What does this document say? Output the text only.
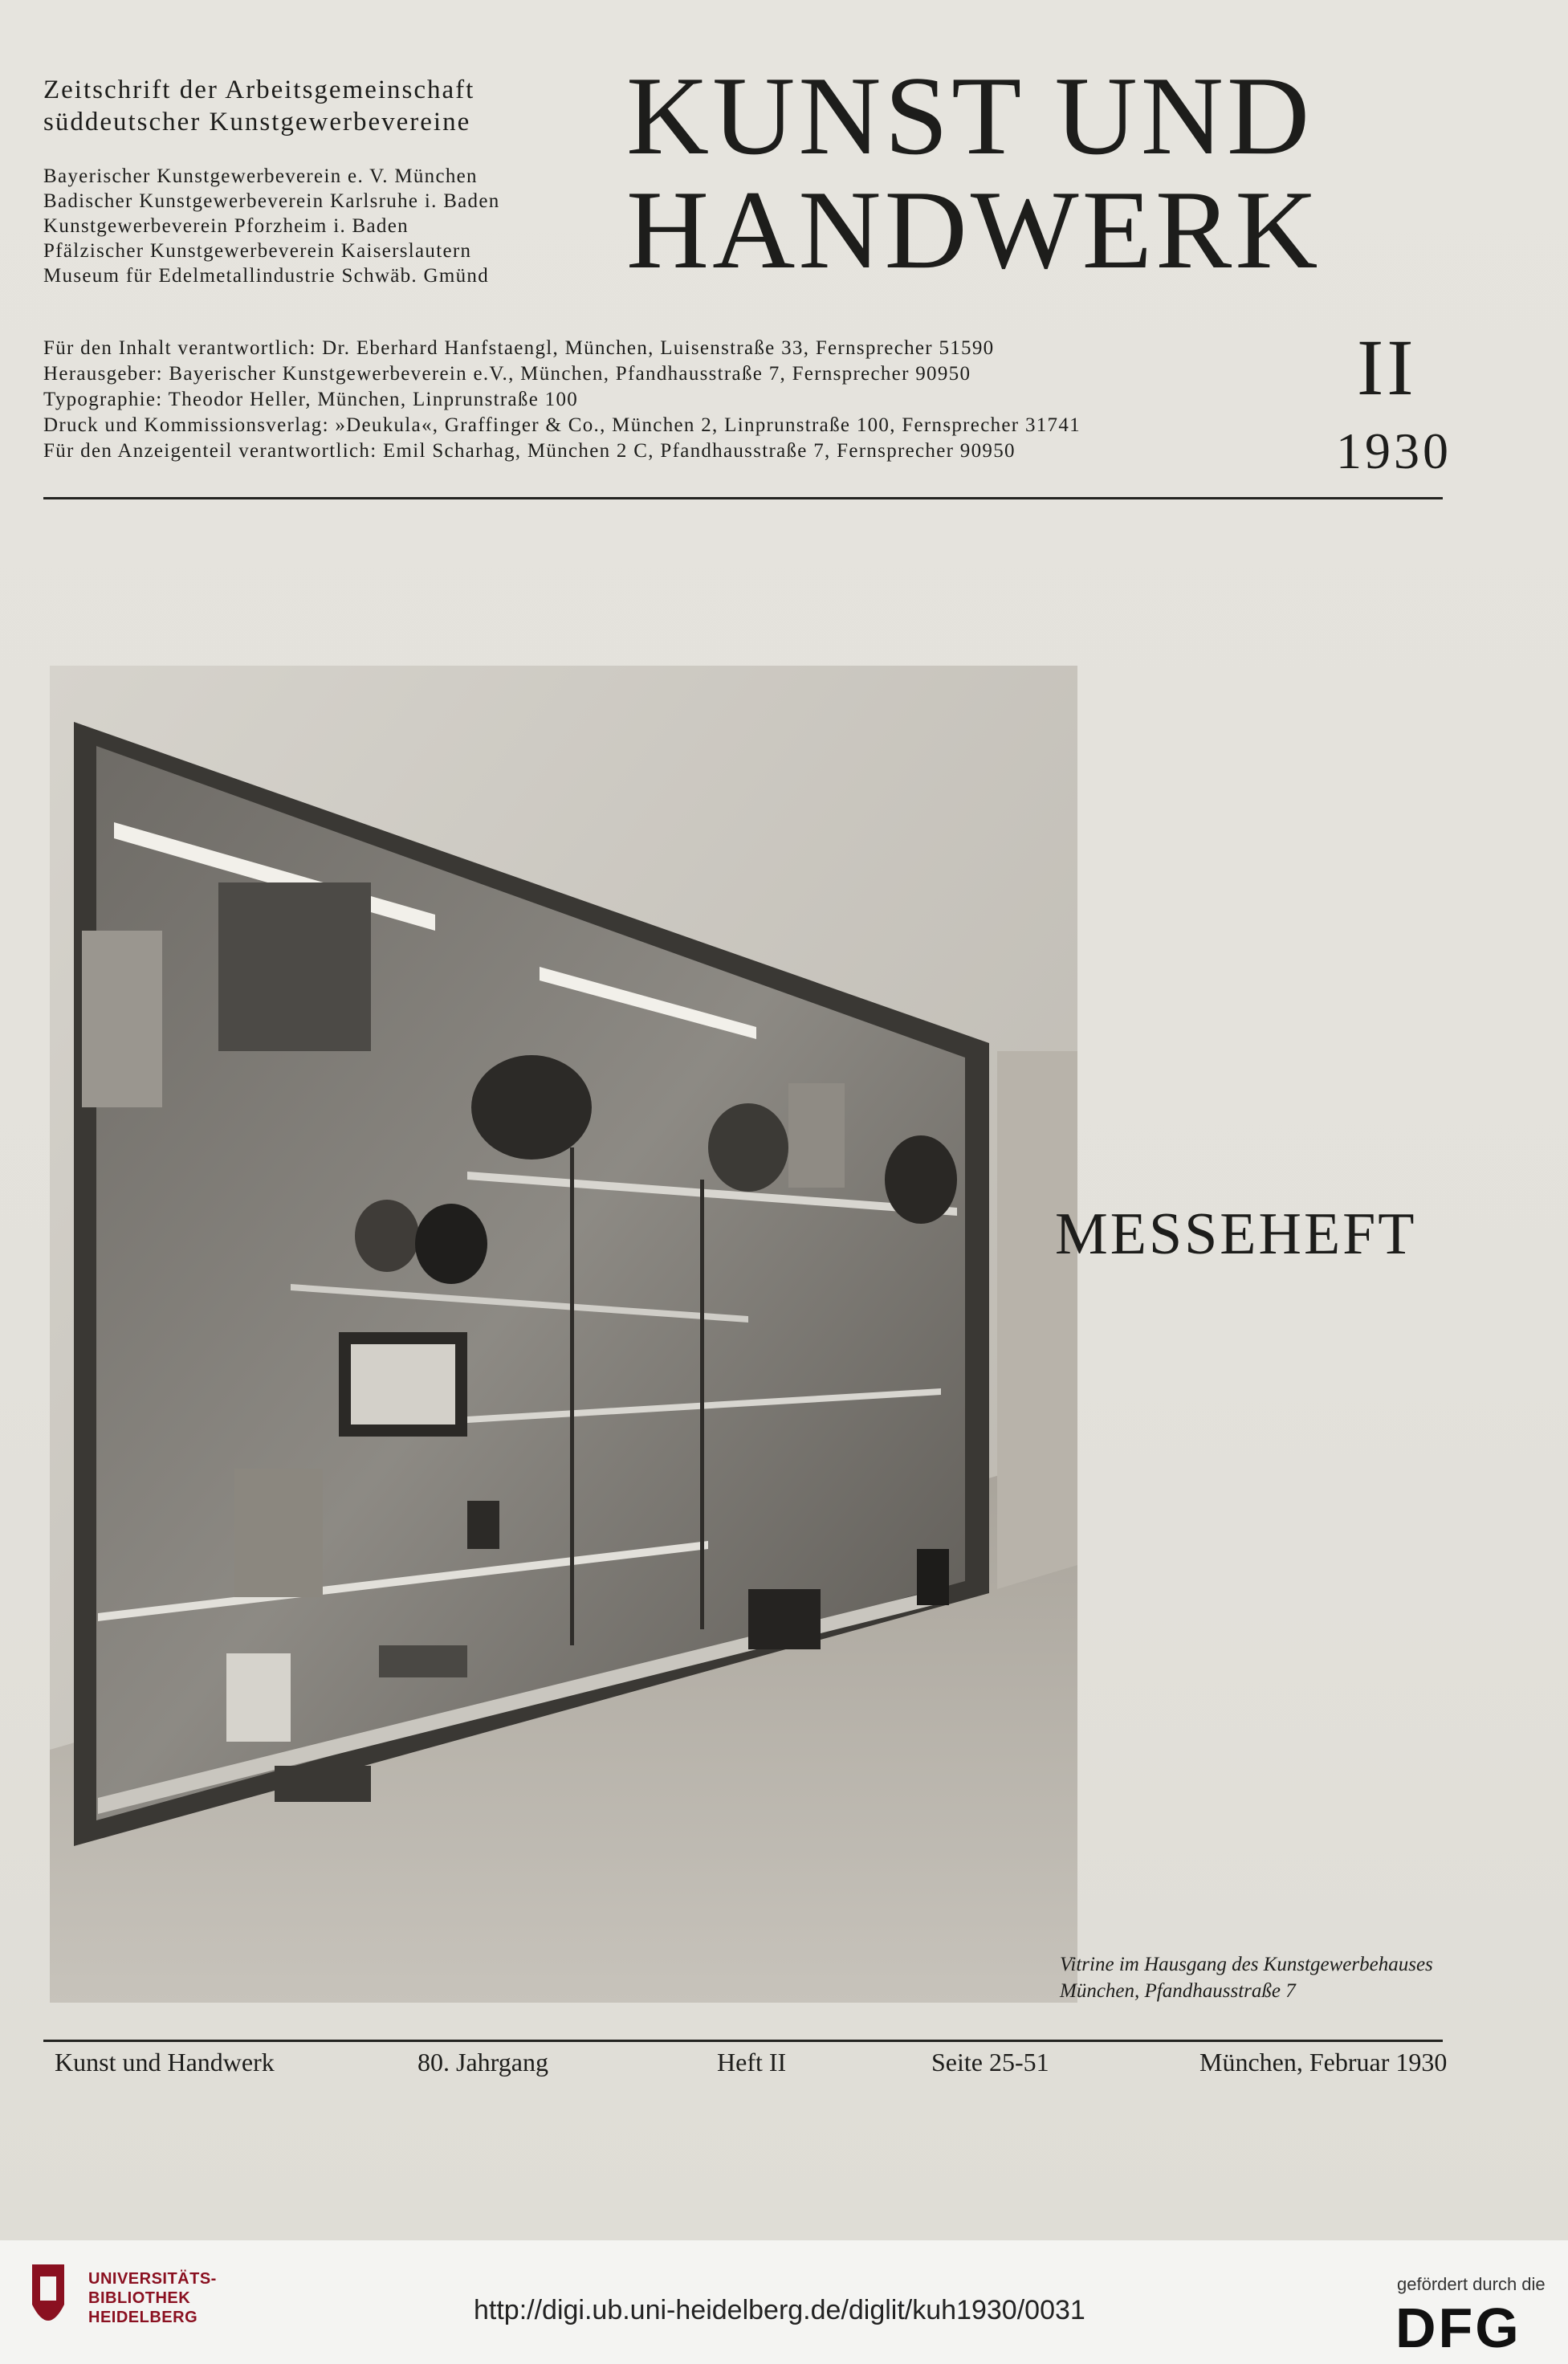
Zeitschrift der Arbeitsgemeinschaft
süddeutscher Kunstgewerbevereine
Bayerischer Kunstgewerbeverein e. V. München
Badischer Kunstgewerbeverein Karlsruhe i. Baden
Kunstgewerbeverein Pforzheim i. Baden
Pfälzischer Kunstgewerbeverein Kaiserslautern
Museum für Edelmetallindustrie Schwäb. Gmünd
KUNST UND
HANDWERK
II
1930
Für den Inhalt verantwortlich: Dr. Eberhard Hanfstaengl, München, Luisenstraße 33, Fernsprecher 51590
Herausgeber: Bayerischer Kunstgewerbeverein e.V., München, Pfandhausstraße 7, Fernsprecher 90950
Typographie: Theodor Heller, München, Linprunstraße 100
Druck und Kommissionsverlag: »Deukula«, Graffinger & Co., München 2, Linprunstraße 100, Fernsprecher 31741
Für den Anzeigenteil verantwortlich: Emil Scharhag, München 2 C, Pfandhausstraße 7, Fernsprecher 90950
MESSEHEFT
Vitrine im Hausgang des Kunstgewerbehauses
München, Pfandhausstraße 7
Kunst und Handwerk	80. Jahrgang	Heft II	Seite 25-51	München, Februar 1930
UNIVERSITÄTS-
BIBLIOTHEK
HEIDELBERG	http://digi.ub.uni-heidelberg.de/diglit/kuh1930/0031
gefördert durch die
DFG
